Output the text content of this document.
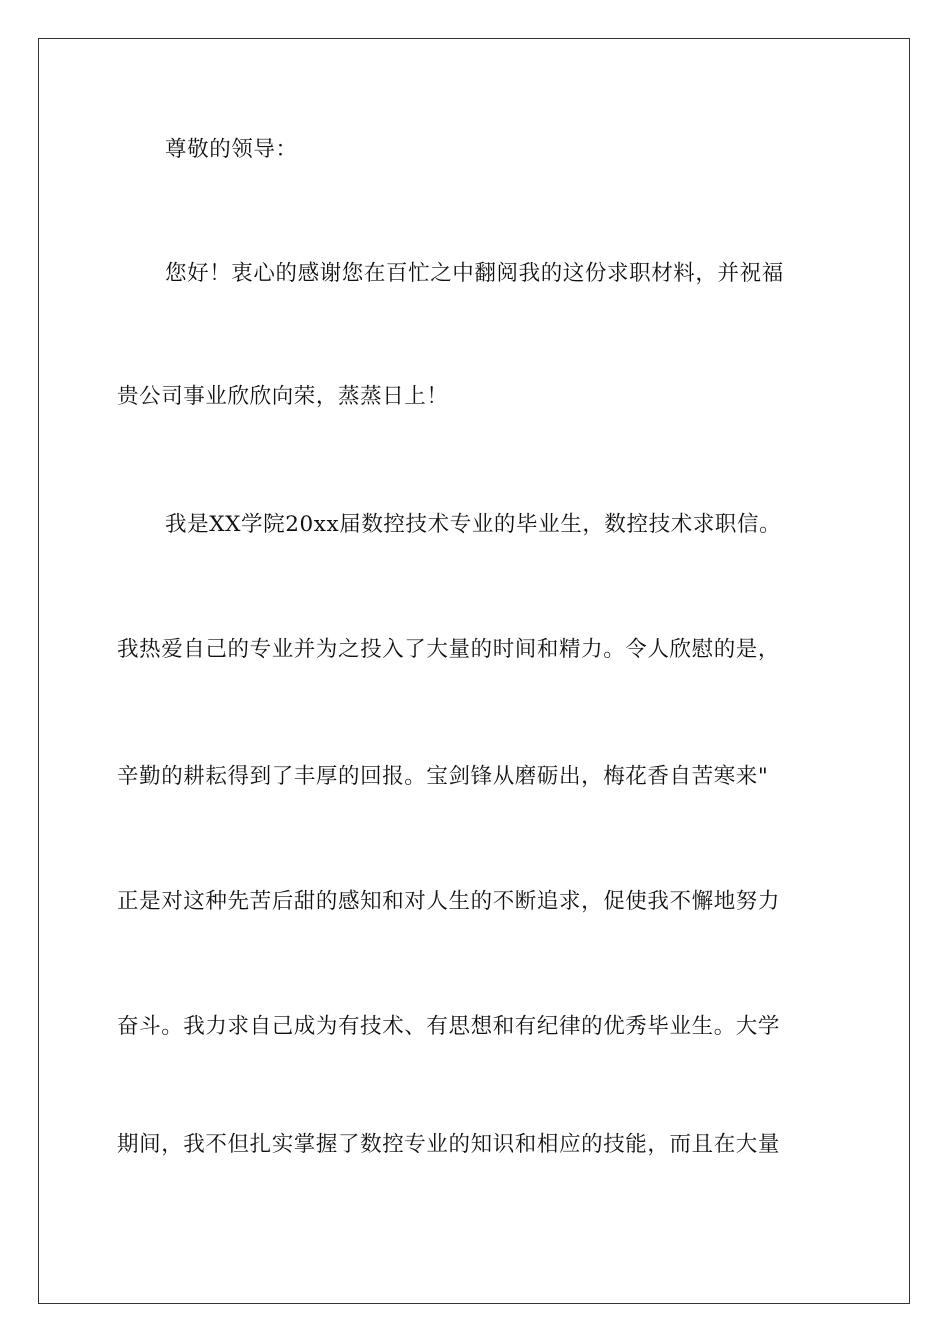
尊敬的领导：
您好！衷心的感谢您在百忙之中翻阅我的这份求职材料，并祝福
贵公司事业欣欣向荣，蒸蒸日上！
我是XX学院20xx届数控技术专业的毕业生，数控技术求职信。
我热爱自己的专业并为之投入了大量的时间和精力。令人欣慰的是，
辛勤的耕耘得到了丰厚的回报。宝剑锋从磨砺出，梅花香自苦寒来"
正是对这种先苦后甜的感知和对人生的不断追求，促使我不懈地努力
奋斗。我力求自己成为有技术、有思想和有纪律的优秀毕业生。大学
期间，我不但扎实掌握了数控专业的知识和相应的技能，而且在大量
